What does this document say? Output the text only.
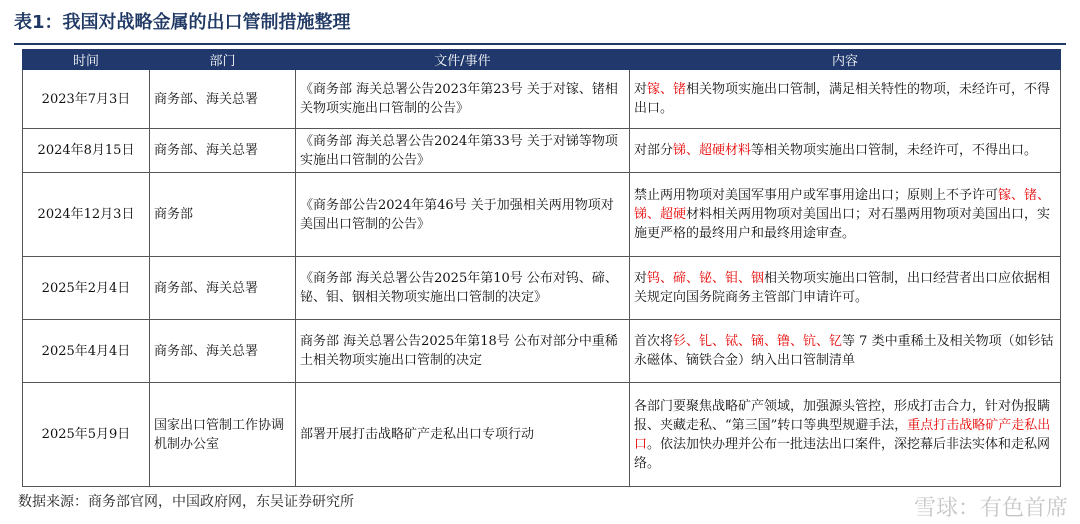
表1：我国对战略金属的出口管制措施整理
时间	部门	文件/事件	内容
2023年7月3日	商务部、海关总署	《商务部 海关总署公告2023年第23号 关于对镓、锗相关物项实施出口管制的公告》	对镓、锗相关物项实施出口管制，满足相关特性的物项，未经许可，不得出口。
2024年8月15日	商务部、海关总署	《商务部 海关总署公告2024年第33号 关于对锑等物项实施出口管制的公告》	对部分锑、超硬材料等相关物项实施出口管制，未经许可，不得出口。
2024年12月3日	商务部	《商务部公告2024年第46号 关于加强相关两用物项对美国出口管制的公告》	禁止两用物项对美国军事用户或军事用途出口；原则上不予许可镓、锗、锑、超硬材料相关两用物项对美国出口；对石墨两用物项对美国出口，实施更严格的最终用户和最终用途审查。
2025年2月4日	商务部、海关总署	《商务部 海关总署公告2025年第10号 公布对钨、碲、铋、钼、铟相关物项实施出口管制的决定》	对钨、碲、铋、钼、铟相关物项实施出口管制，出口经营者出口应依据相关规定向国务院商务主管部门申请许可。
2025年4月4日	商务部、海关总署	商务部 海关总署公告2025年第18号 公布对部分中重稀土相关物项实施出口管制的决定	首次将钐、钆、铽、镝、镥、钪、钇等 7 类中重稀土及相关物项（如钐钴永磁体、镝铁合金）纳入出口管制清单
2025年5月9日	国家出口管制工作协调机制办公室	部署开展打击战略矿产走私出口专项行动	各部门要聚焦战略矿产领域，加强源头管控，形成打击合力，针对伪报瞒报、夹藏走私、“第三国”转口等典型规避手法，重点打击战略矿产走私出口。依法加快办理并公布一批违法出口案件，深挖幕后非法实体和走私网络。
数据来源：商务部官网，中国政府网，东吴证券研究所	雪球：有色首席
